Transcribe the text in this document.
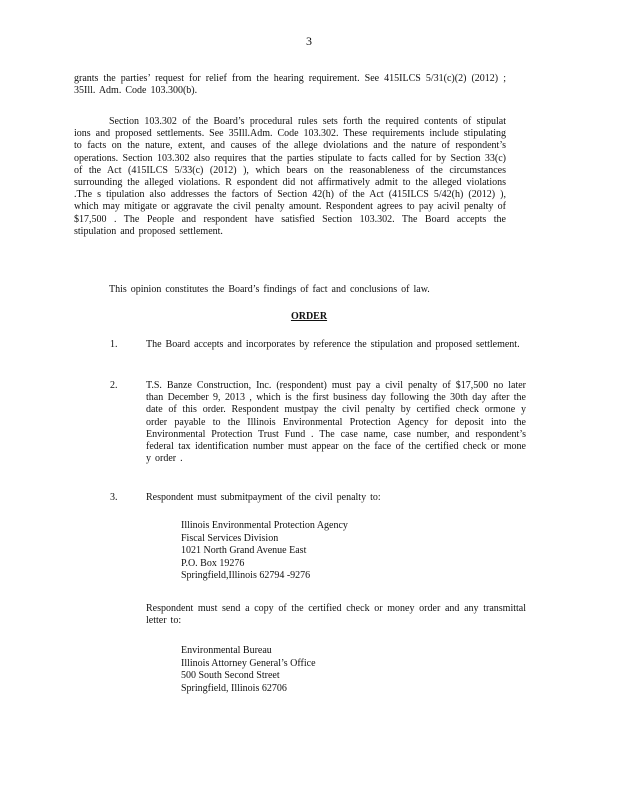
3

grants the parties’ request for relief from the hearing requirement. See 415ILCS 5/31(c)(2) (2012) ; 35Ill. Adm. Code 103.300(b).

Section 103.302 of the Board’s procedural rules sets forth the required contents of stipulat ions and proposed settlements. See 35Ill.Adm. Code 103.302. These requirements include stipulating to facts on the nature, extent, and causes of the allege dviolations and the nature of respondent’s operations. Section 103.302 also requires that the parties stipulate to facts called for by Section 33(c) of the Act (415ILCS 5/33(c) (2012) ), which bears on the reasonableness of the circumstances surrounding the alleged violations. R espondent did not affirmatively admit to the alleged violations .The s tipulation also addresses the factors of Section 42(h) of the Act (415ILCS 5/42(h) (2012) ), which may mitigate or aggravate the civil penalty amount. Respondent agrees to pay acivil penalty of $17,500 . The People and respondent have satisfied Section 103.302. The Board accepts the stipulation and proposed settlement.

This opinion constitutes the Board’s findings of fact and conclusions of law.

ORDER
1.	The Board accepts and incorporates by reference the stipulation and proposed settlement.

2.	T.S. Banze Construction, Inc. (respondent) must pay a civil penalty of $17,500 no later than December 9, 2013 , which is the first business day following the 30th day after the date of this order. Respondent mustpay the civil penalty by certified check ormone y order payable to the Illinois Environmental Protection Agency for deposit into the Environmental Protection Trust Fund . The case name, case number, and respondent’s federal tax identification number must appear on the face of the certified check or mone y order .

3.	Respondent must submitpayment of the civil penalty to:

Illinois Environmental Protection Agency
Fiscal Services Division
1021 North Grand Avenue East
P.O. Box 19276
Springfield,Illinois 62794 -9276

Respondent must send a copy of the certified check or money order and any transmittal letter to:

Environmental Bureau
Illinois Attorney General’s Office
500 South Second Street
Springfield, Illinois 62706
